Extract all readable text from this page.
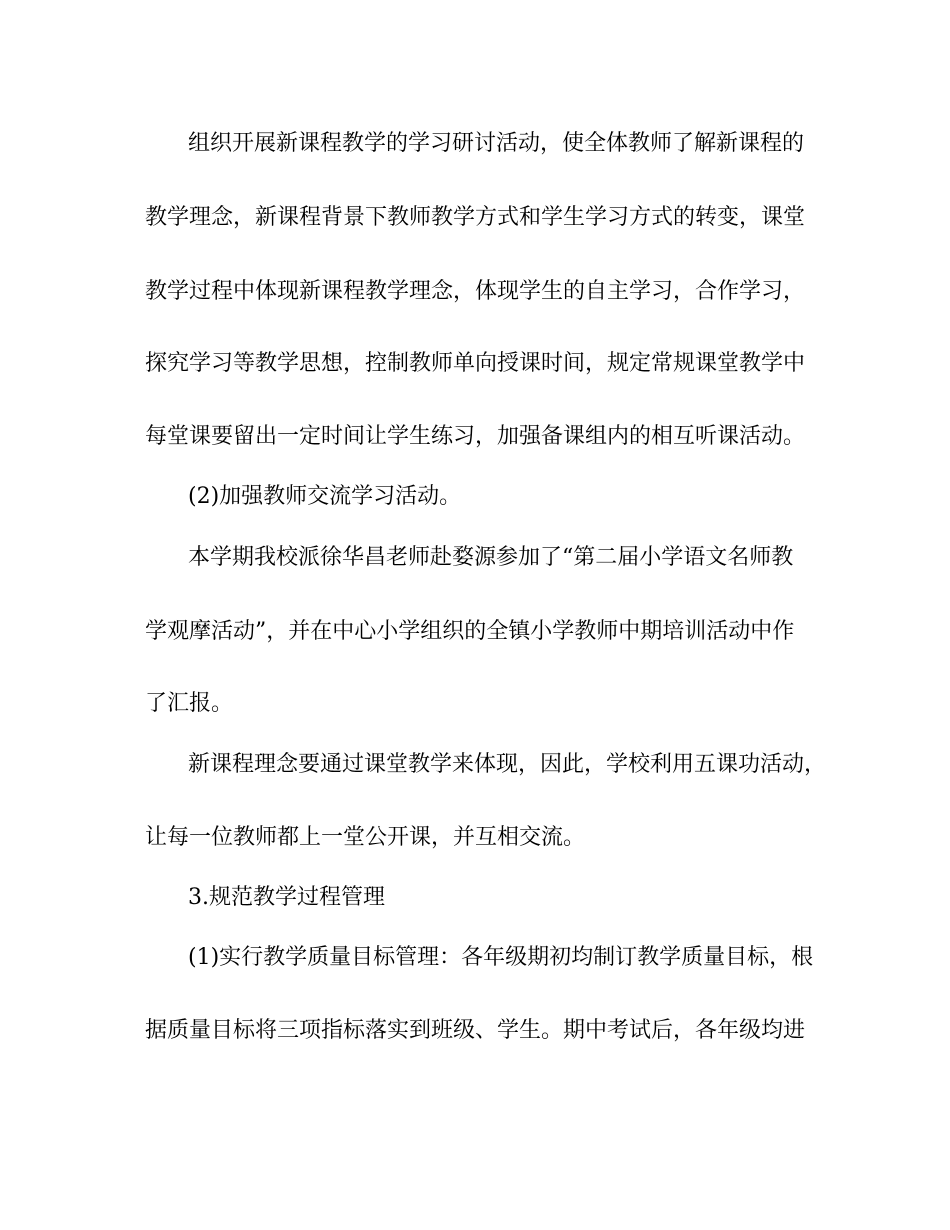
组织开展新课程教学的学习研讨活动，使全体教师了解新课程的
教学理念，新课程背景下教师教学方式和学生学习方式的转变，课堂
教学过程中体现新课程教学理念，体现学生的自主学习，合作学习，
探究学习等教学思想，控制教师单向授课时间，规定常规课堂教学中
每堂课要留出一定时间让学生练习，加强备课组内的相互听课活动。
(2)加强教师交流学习活动。
本学期我校派徐华昌老师赴婺源参加了“第二届小学语文名师教
学观摩活动”，并在中心小学组织的全镇小学教师中期培训活动中作
了汇报。
新课程理念要通过课堂教学来体现，因此，学校利用五课功活动，
让每一位教师都上一堂公开课，并互相交流。
3.规范教学过程管理
(1)实行教学质量目标管理：各年级期初均制订教学质量目标，根
据质量目标将三项指标落实到班级、学生。期中考试后，各年级均进
